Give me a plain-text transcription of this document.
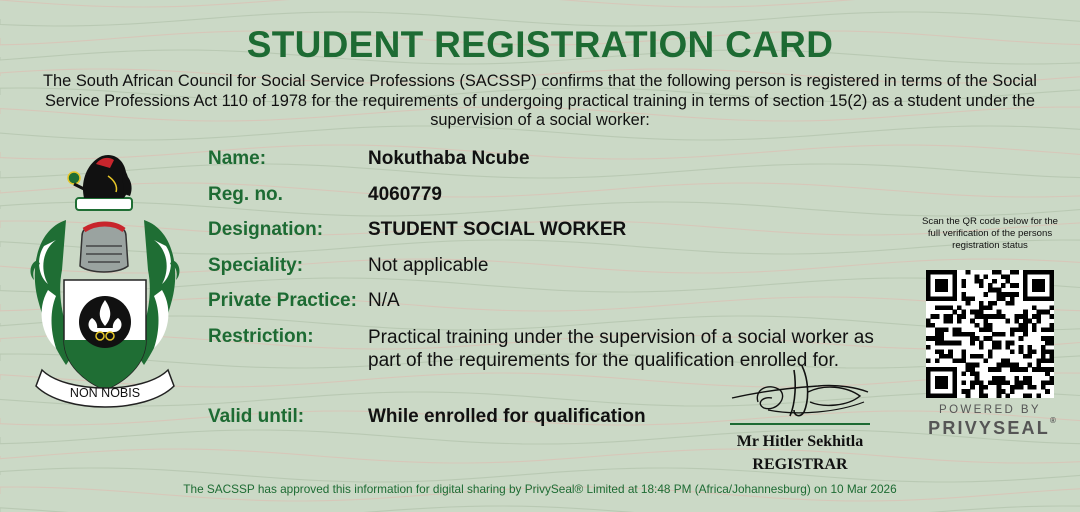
STUDENT REGISTRATION CARD
The South African Council for Social Service Professions (SACSSP) confirms that the following person is registered in terms of the Social Service Professions Act 110 of 1978 for the requirements of undergoing practical training in terms of section 15(2) as a student under the supervision of a social worker:
NON NOBIS
Name:	Nokuthaba Ncube
Reg. no.	4060779
Designation: STUDENT SOCIAL WORKER
Speciality:	Not applicable
Private Practice: N/A
Restriction:	Practical training under the supervision of a social worker as part of the requirements for the qualification enrolled for.
Valid until:	While enrolled for qualification
Mr Hitler Sekhitla
REGISTRAR
Scan the QR code below for the full verification of the persons registration status
POWERED BY
PRIVYSEAL®
The SACSSP has approved this information for digital sharing by PrivySeal® Limited at 18:48 PM (Africa/Johannesburg) on 10 Mar 2026
